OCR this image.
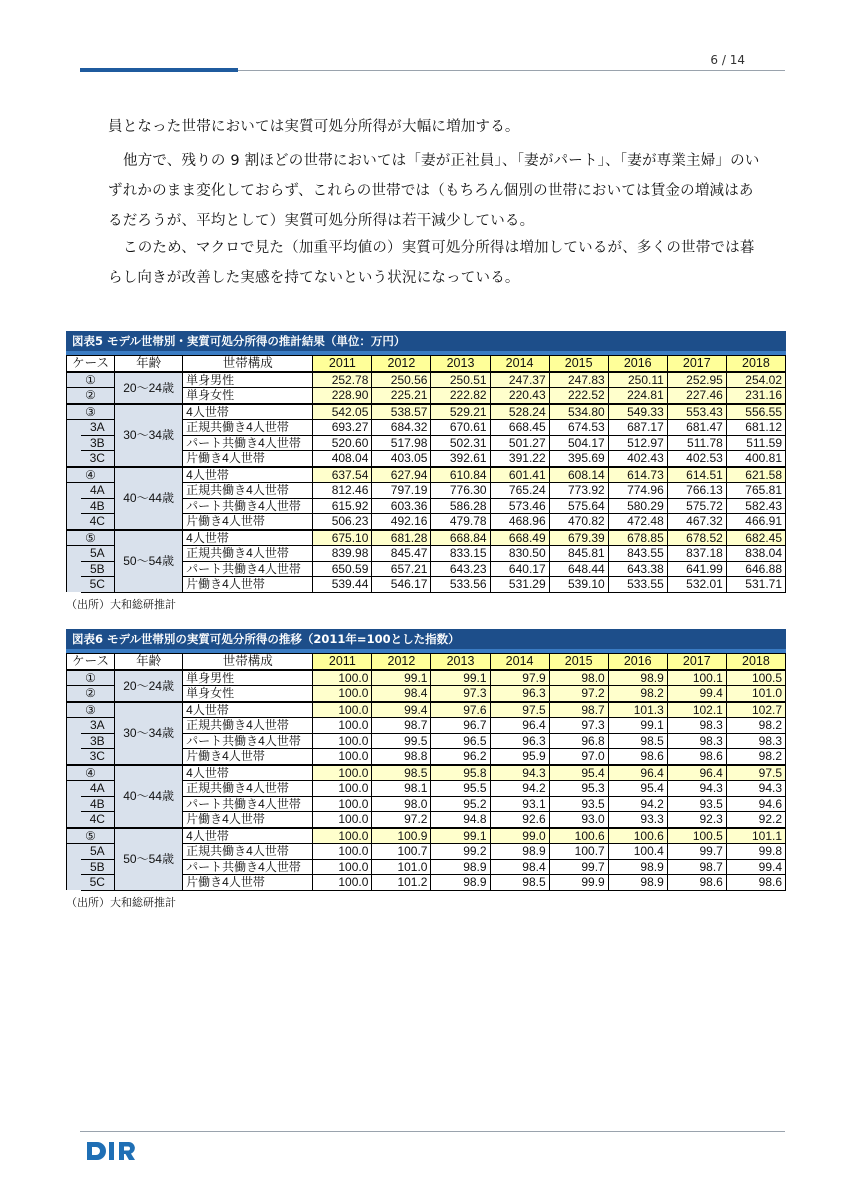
6 / 14

員となった世帯においては実質可処分所得が大幅に増加する。

他方で、残りの 9 割ほどの世帯においては「妻が正社員」、「妻がパート」、「妻が専業主婦」のいずれかのまま変化しておらず、これらの世帯では（もちろん個別の世帯においては賃金の増減はあるだろうが、平均として）実質可処分所得は若干減少している。

このため、マクロで見た（加重平均値の）実質可処分所得は増加しているが、多くの世帯では暮らし向きが改善した実感を持てないという状況になっている。

図表5 モデル世帯別・実質可処分所得の推計結果（単位：万円）
ケース		年齢	世帯構成	2011	2012	2013	2014	2015	2016	2017	2018
①		20～24歳	単身男性	252.78	250.56	250.51	247.37	247.83	250.11	252.95	254.02
②			単身女性	228.90	225.21	222.82	220.43	222.52	224.81	227.46	231.16
③		30～34歳	4人世帯	542.05	538.57	529.21	528.24	534.80	549.33	553.43	556.55
	3A		正規共働き4人世帯	693.27	684.32	670.61	668.45	674.53	687.17	681.47	681.12
	3B		パート共働き4人世帯	520.60	517.98	502.31	501.27	504.17	512.97	511.78	511.59
	3C		片働き4人世帯	408.04	403.05	392.61	391.22	395.69	402.43	402.53	400.81
④		40～44歳	4人世帯	637.54	627.94	610.84	601.41	608.14	614.73	614.51	621.58
	4A		正規共働き4人世帯	812.46	797.19	776.30	765.24	773.92	774.96	766.13	765.81
	4B		パート共働き4人世帯	615.92	603.36	586.28	573.46	575.64	580.29	575.72	582.43
	4C		片働き4人世帯	506.23	492.16	479.78	468.96	470.82	472.48	467.32	466.91
⑤		50～54歳	4人世帯	675.10	681.28	668.84	668.49	679.39	678.85	678.52	682.45
	5A		正規共働き4人世帯	839.98	845.47	833.15	830.50	845.81	843.55	837.18	838.04
	5B		パート共働き4人世帯	650.59	657.21	643.23	640.17	648.44	643.38	641.99	646.88
	5C		片働き4人世帯	539.44	546.17	533.56	531.29	539.10	533.55	532.01	531.71
（出所）大和総研推計
図表6 モデル世帯別の実質可処分所得の推移（2011年=100とした指数）
ケース		年齢	世帯構成	2011	2012	2013	2014	2015	2016	2017	2018
①		20～24歳	単身男性	100.0	99.1	99.1	97.9	98.0	98.9	100.1	100.5
②			単身女性	100.0	98.4	97.3	96.3	97.2	98.2	99.4	101.0
③		30～34歳	4人世帯	100.0	99.4	97.6	97.5	98.7	101.3	102.1	102.7
	3A		正規共働き4人世帯	100.0	98.7	96.7	96.4	97.3	99.1	98.3	98.2
	3B		パート共働き4人世帯	100.0	99.5	96.5	96.3	96.8	98.5	98.3	98.3
	3C		片働き4人世帯	100.0	98.8	96.2	95.9	97.0	98.6	98.6	98.2
④		40～44歳	4人世帯	100.0	98.5	95.8	94.3	95.4	96.4	96.4	97.5
	4A		正規共働き4人世帯	100.0	98.1	95.5	94.2	95.3	95.4	94.3	94.3
	4B		パート共働き4人世帯	100.0	98.0	95.2	93.1	93.5	94.2	93.5	94.6
	4C		片働き4人世帯	100.0	97.2	94.8	92.6	93.0	93.3	92.3	92.2
⑤		50～54歳	4人世帯	100.0	100.9	99.1	99.0	100.6	100.6	100.5	101.1
	5A		正規共働き4人世帯	100.0	100.7	99.2	98.9	100.7	100.4	99.7	99.8
	5B		パート共働き4人世帯	100.0	101.0	98.9	98.4	99.7	98.9	98.7	99.4
	5C		片働き4人世帯	100.0	101.2	98.9	98.5	99.9	98.9	98.6	98.6
（出所）大和総研推計
